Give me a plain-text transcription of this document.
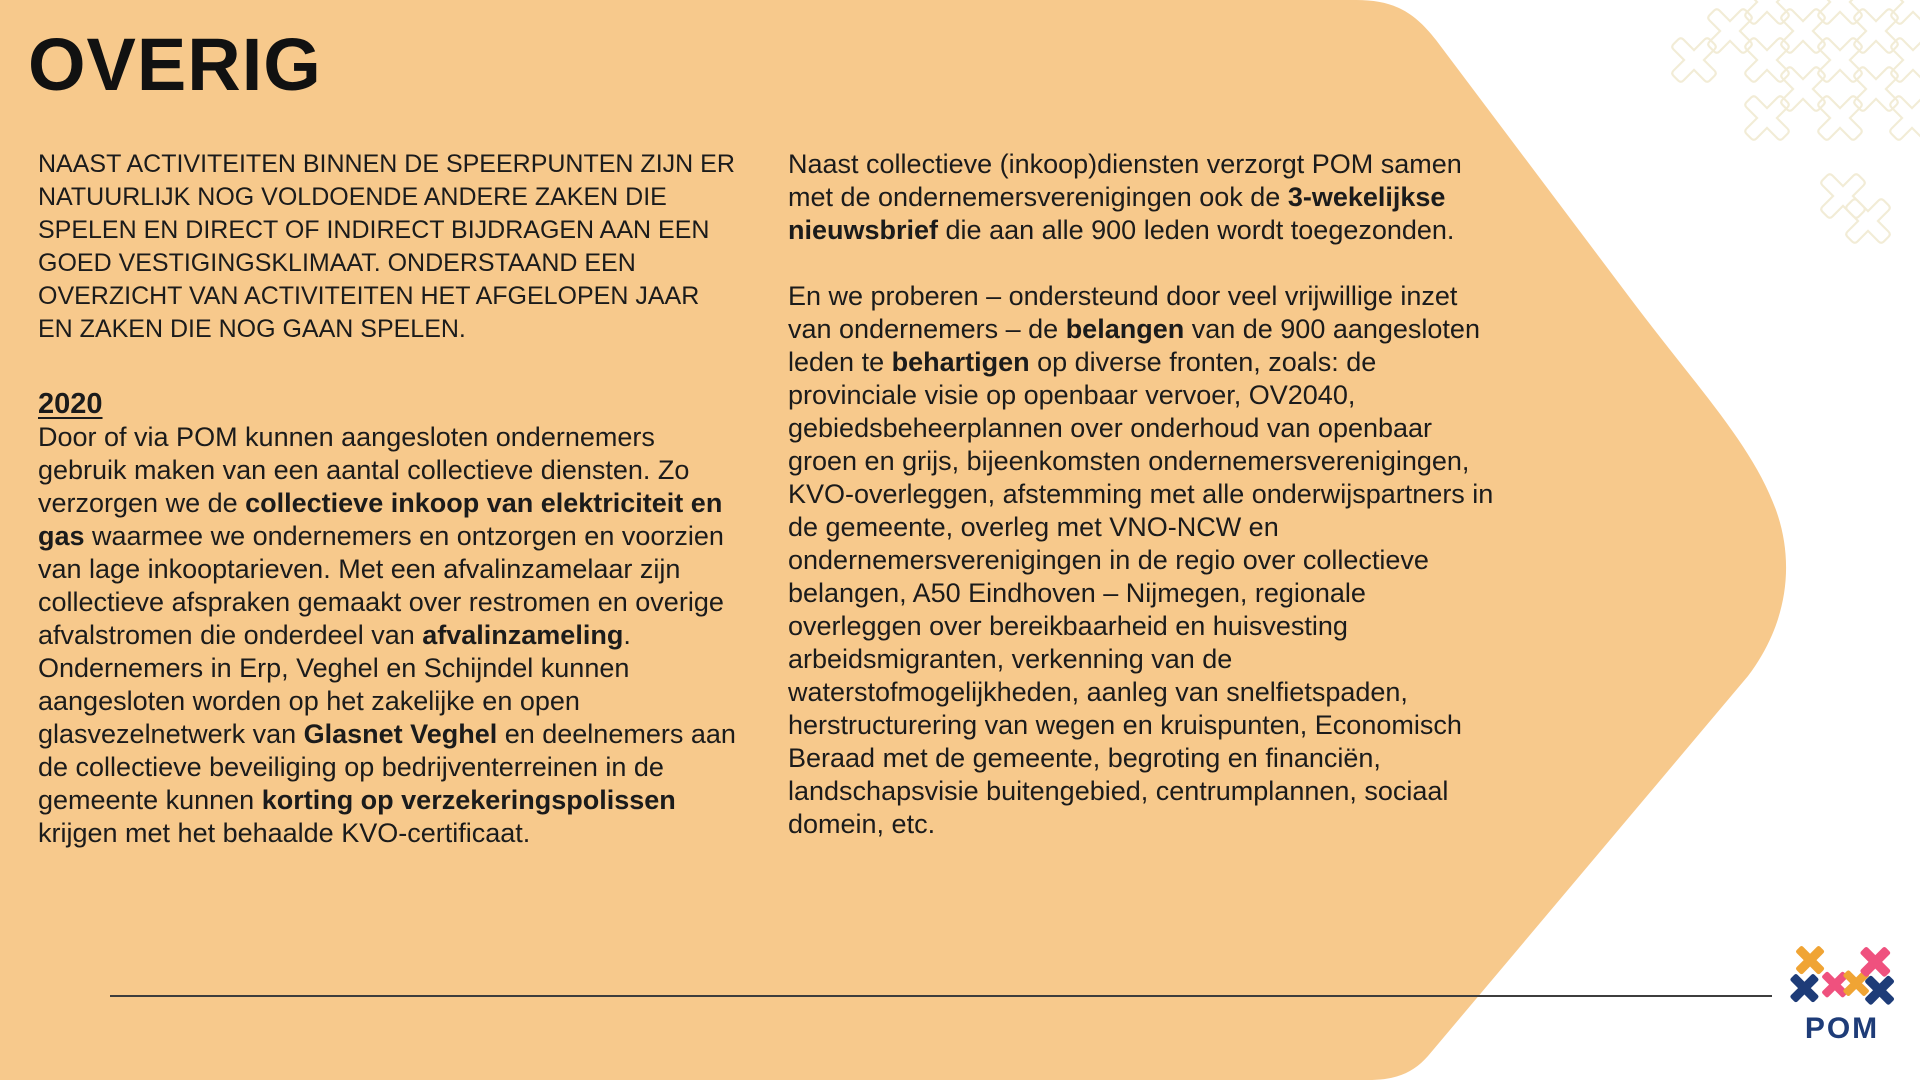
OVERIG

NAAST ACTIVITEITEN BINNEN DE SPEERPUNTEN ZIJN ER NATUURLIJK NOG VOLDOENDE ANDERE ZAKEN DIE SPELEN EN DIRECT OF INDIRECT BIJDRAGEN AAN EEN GOED VESTIGINGSKLIMAAT. ONDERSTAAND EEN OVERZICHT VAN ACTIVITEITEN HET AFGELOPEN JAAR EN ZAKEN DIE NOG GAAN SPELEN.

2020

Door of via POM kunnen aangesloten ondernemers gebruik maken van een aantal collectieve diensten. Zo verzorgen we de collectieve inkoop van elektriciteit en gas waarmee we ondernemers en ontzorgen en voorzien van lage inkooptarieven. Met een afvalinzamelaar zijn collectieve afspraken gemaakt over restromen en overige afvalstromen die onderdeel van afvalinzameling. Ondernemers in Erp, Veghel en Schijndel kunnen aangesloten worden op het zakelijke en open glasvezelnetwerk van Glasnet Veghel en deelnemers aan de collectieve beveiliging op bedrijventerreinen in de gemeente kunnen korting op verzekeringspolissen krijgen met het behaalde KVO-certificaat.

Naast collectieve (inkoop)diensten verzorgt POM samen met de ondernemersverenigingen ook de 3-wekelijkse nieuwsbrief die aan alle 900 leden wordt toegezonden.

En we proberen – ondersteund door veel vrijwillige inzet van ondernemers – de belangen van de 900 aangesloten leden te behartigen op diverse fronten, zoals: de provinciale visie op openbaar vervoer, OV2040, gebiedsbeheerplannen over onderhoud van openbaar groen en grijs, bijeenkomsten ondernemersverenigingen, KVO-overleggen, afstemming met alle onderwijspartners in de gemeente, overleg met VNO-NCW en ondernemersverenigingen in de regio over collectieve belangen, A50 Eindhoven – Nijmegen, regionale overleggen over bereikbaarheid en huisvesting arbeidsmigranten, verkenning van de waterstofmogelijkheden, aanleg van snelfietspaden, herstructurering van wegen en kruispunten, Economisch Beraad met de gemeente, begroting en financiën, landschapsvisie buitengebied, centrumplannen, sociaal domein, etc.

POM
